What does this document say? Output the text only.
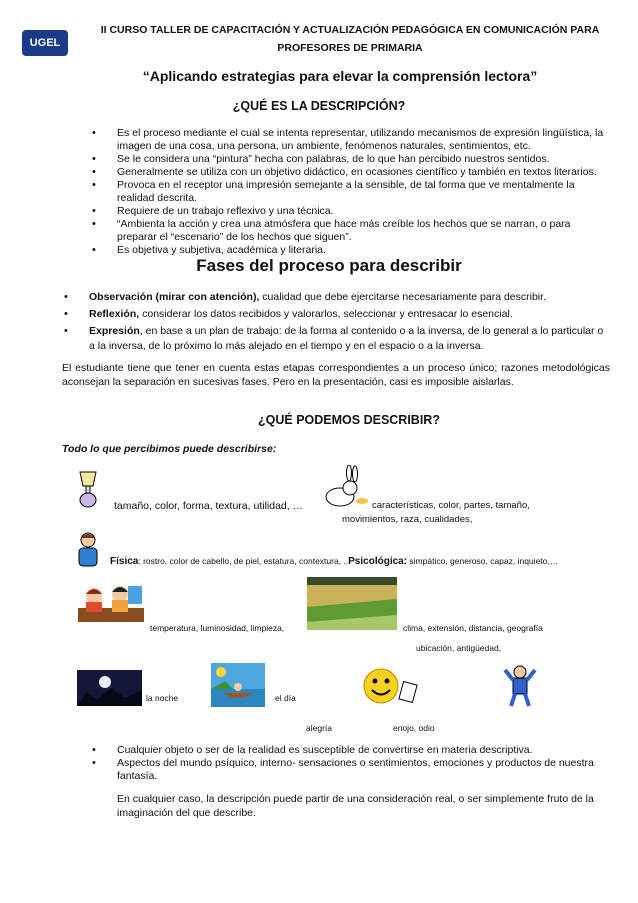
UGEL
II CURSO TALLER DE CAPACITACIÓN Y ACTUALIZACIÓN PEDAGÓGICA EN COMUNICACIÓN PARA
PROFESORES DE PRIMARIA
“Aplicando estrategias para elevar la comprensión lectora”
¿QUÉ ES LA DESCRIPCIÓN?
• Es el proceso mediante el cual se intenta representar, utilizando mecanismos de expresión lingüística, la imagen de una cosa, una persona, un ambiente, fenómenos naturales, sentimientos, etc.
• Se le considera una “pintura” hecha con palabras, de lo que han percibido nuestros sentidos.
• Generalmente se utiliza con un objetivo didáctico, en ocasiones científico y también en textos literarios.
• Provoca en el receptor una impresión semejante a la sensible, de tal forma que ve mentalmente la realidad descrita.
• Requiere de un trabajo reflexivo y una técnica.
• “Ambienta la acción y crea una atmósfera que hace más creíble los hechos que se narran, o para preparar el “escenario” de los hechos que siguen”.
• Es objetiva y subjetiva, académica y literaria.
Fases del proceso para describir
• Observación (mirar con atención), cualidad que debe ejercitarse necesariamente para describir.
• Reflexión, considerar los datos recibidos y valorarlos, seleccionar y entresacar lo esencial.
• Expresión, en base a un plan de trabajo: de la forma al contenido o a la inversa, de lo general a lo particular o a la inversa, de lo próximo lo más alejado en el tiempo y en el espacio o a la inversa.
El estudiante tiene que tener en cuenta estas etapas correspondientes a un proceso único; razones metodológicas aconsejan la separación en sucesivas fases. Pero en la presentación, casi es imposible aislarlas.
¿QUÉ PODEMOS DESCRIBIR?
Todo lo que percibimos puede describirse:
tamaño, color, forma, textura, utilidad, …	características, color, partes, tamaño,
movimientos, raza, cualidades,
Física: rostro, color de cabello, de piel, estatura, contextura, ..Psicológica: simpático, generoso, capaz, inquieto,…
temperatura, luminosidad, limpieza,	clima, extensión, distancia, geografía
ubicación, antigüedad,
la noche	el día
alegría	enojo, odio
• Cualquier objeto o ser de la realidad es susceptible de convertirse en materia descriptiva.
• Aspectos del mundo psíquico, interno- sensaciones o sentimientos, emociones y productos de nuestra fantasía.
En cualquier caso, la descripción puede partir de una consideración real, o ser simplemente fruto de la imaginación del que describe.
